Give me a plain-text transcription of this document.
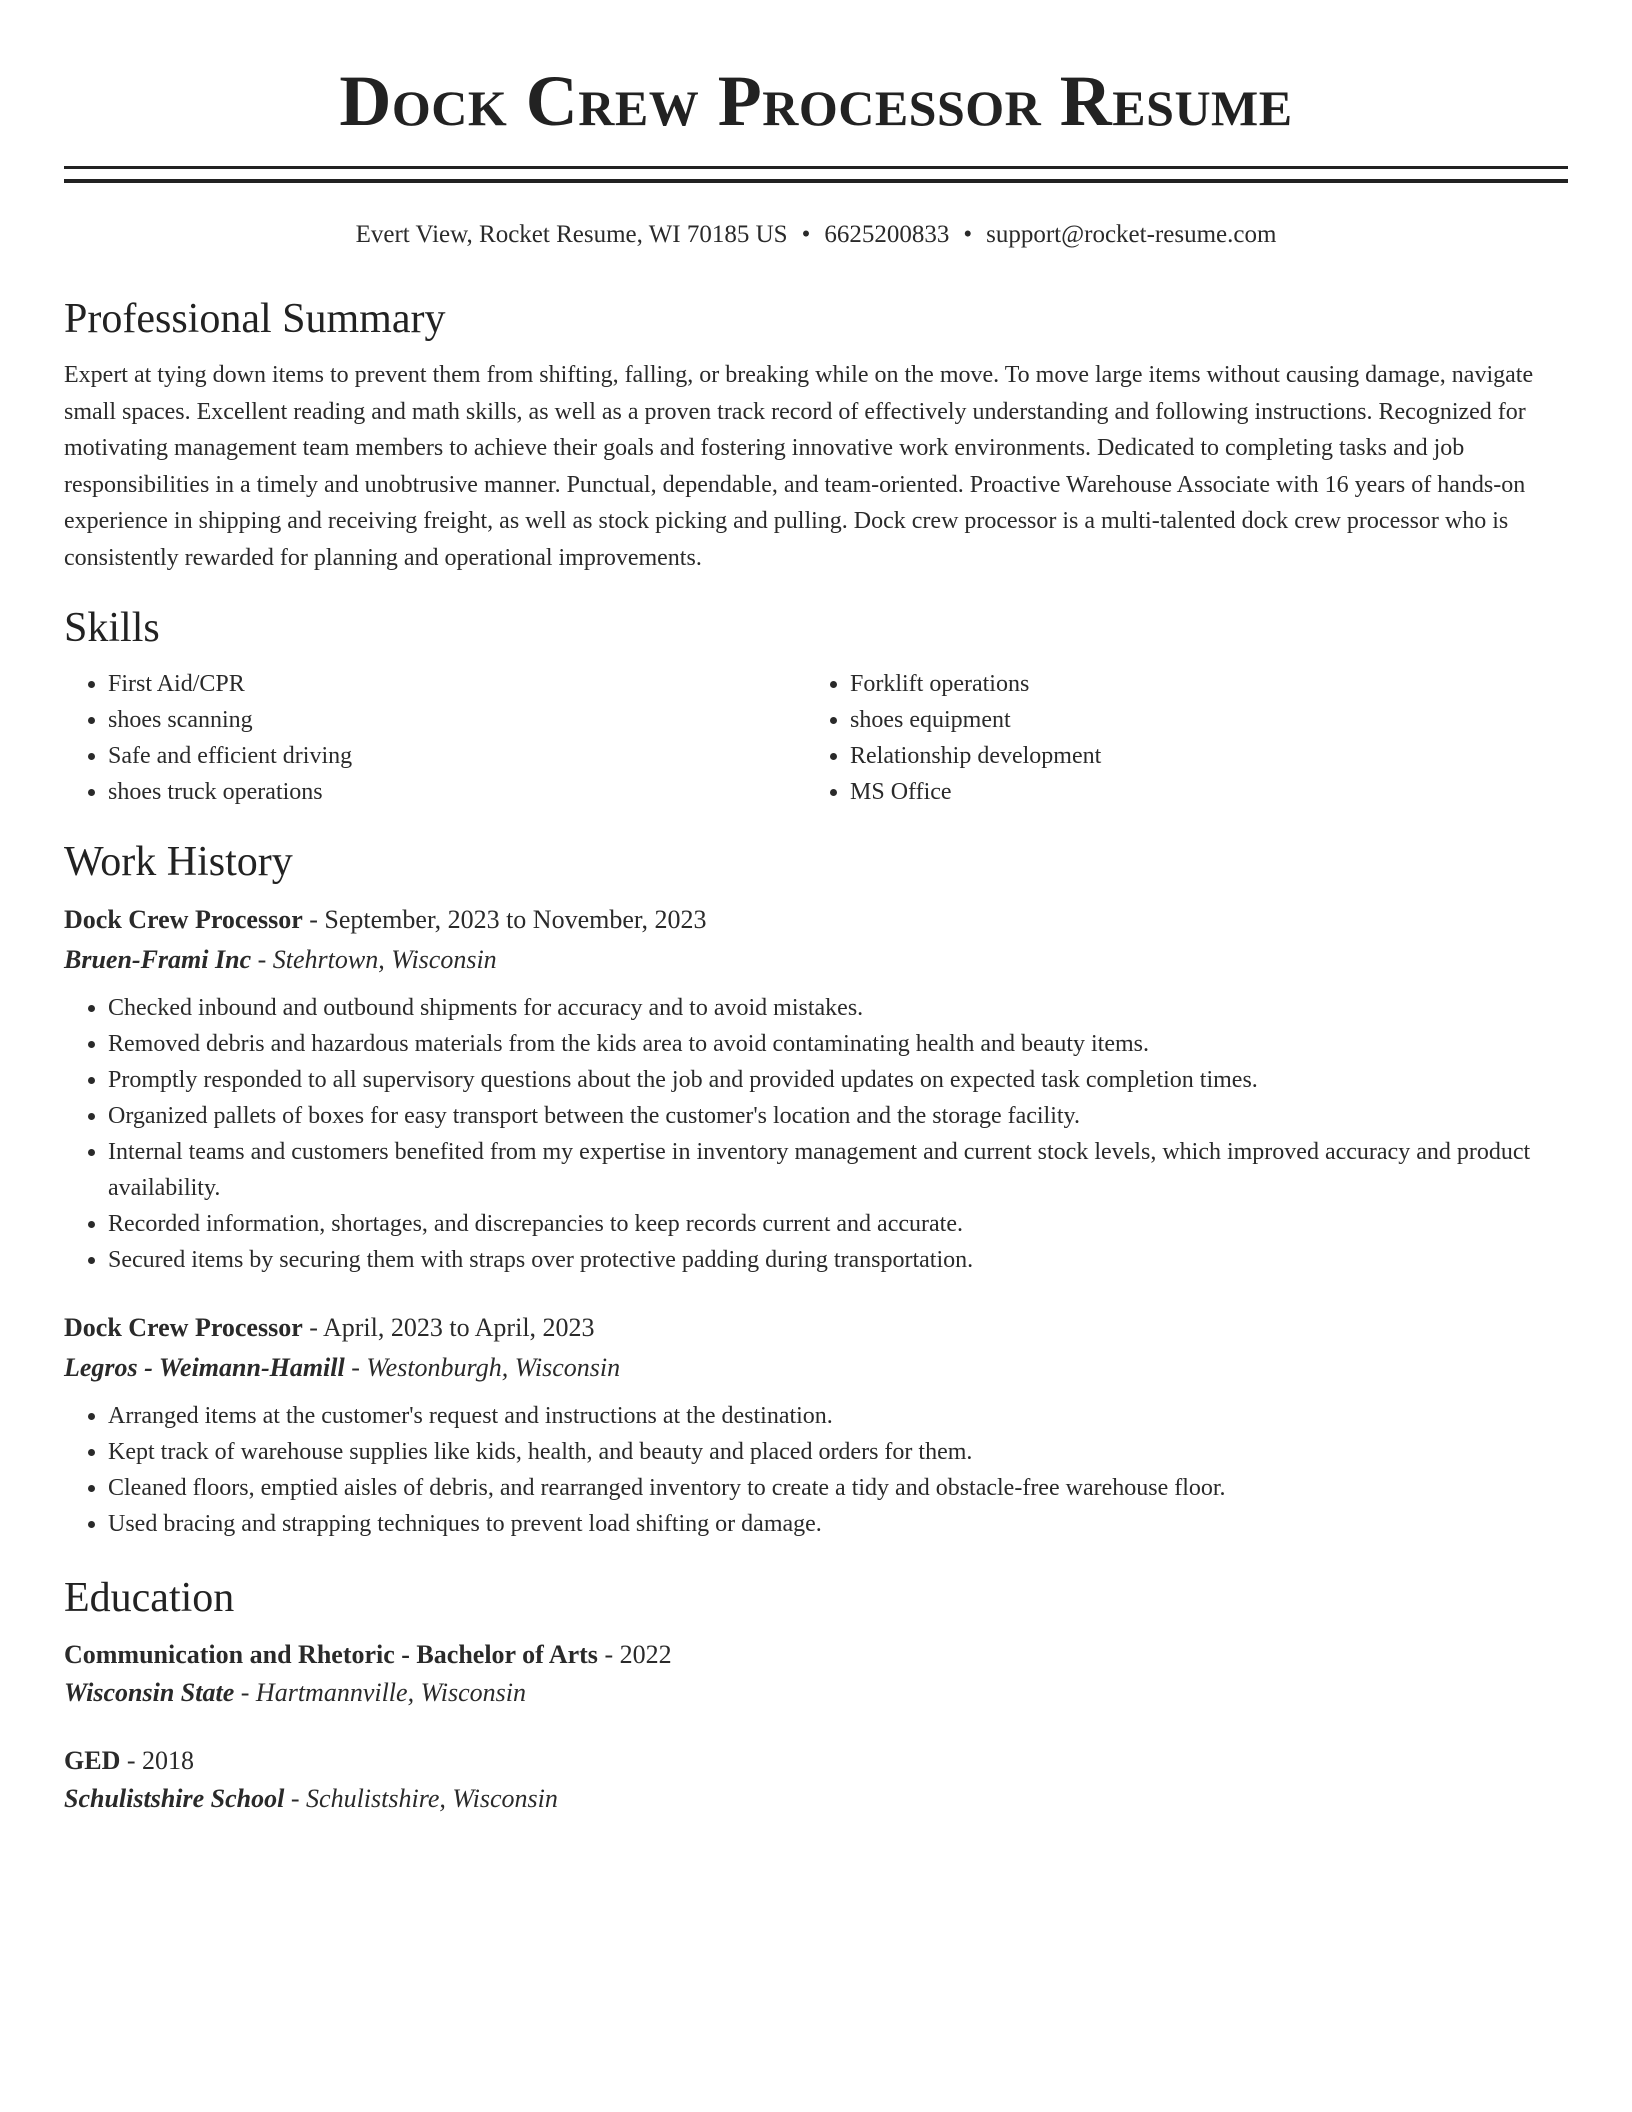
Dock Crew Processor Resume
Evert View, Rocket Resume, WI 70185 US • 6625200833 • support@rocket-resume.com
Professional Summary

Expert at tying down items to prevent them from shifting, falling, or breaking while on the move. To move large items without causing damage, navigate small spaces. Excellent reading and math skills, as well as a proven track record of effectively understanding and following instructions. Recognized for motivating management team members to achieve their goals and fostering innovative work environments. Dedicated to completing tasks and job responsibilities in a timely and unobtrusive manner. Punctual, dependable, and team-oriented. Proactive Warehouse Associate with 16 years of hands-on experience in shipping and receiving freight, as well as stock picking and pulling. Dock crew processor is a multi-talented dock crew processor who is consistently rewarded for planning and operational improvements.

Skills
• First Aid/CPR
• shoes scanning
• Safe and efficient driving
• shoes truck operations
• Forklift operations
• shoes equipment
• Relationship development
• MS Office
Work History
Dock Crew Processor - September, 2023 to November, 2023
Bruen-Frami Inc - Stehrtown, Wisconsin
• Checked inbound and outbound shipments for accuracy and to avoid mistakes.
• Removed debris and hazardous materials from the kids area to avoid contaminating health and beauty items.
• Promptly responded to all supervisory questions about the job and provided updates on expected task completion times.
• Organized pallets of boxes for easy transport between the customer's location and the storage facility.
• Internal teams and customers benefited from my expertise in inventory management and current stock levels, which improved accuracy and product availability.
• Recorded information, shortages, and discrepancies to keep records current and accurate.
• Secured items by securing them with straps over protective padding during transportation.
Dock Crew Processor - April, 2023 to April, 2023
Legros - Weimann-Hamill - Westonburgh, Wisconsin
• Arranged items at the customer's request and instructions at the destination.
• Kept track of warehouse supplies like kids, health, and beauty and placed orders for them.
• Cleaned floors, emptied aisles of debris, and rearranged inventory to create a tidy and obstacle-free warehouse floor.
• Used bracing and strapping techniques to prevent load shifting or damage.
Education
Communication and Rhetoric - Bachelor of Arts - 2022
Wisconsin State - Hartmannville, Wisconsin
GED - 2018
Schulistshire School - Schulistshire, Wisconsin
